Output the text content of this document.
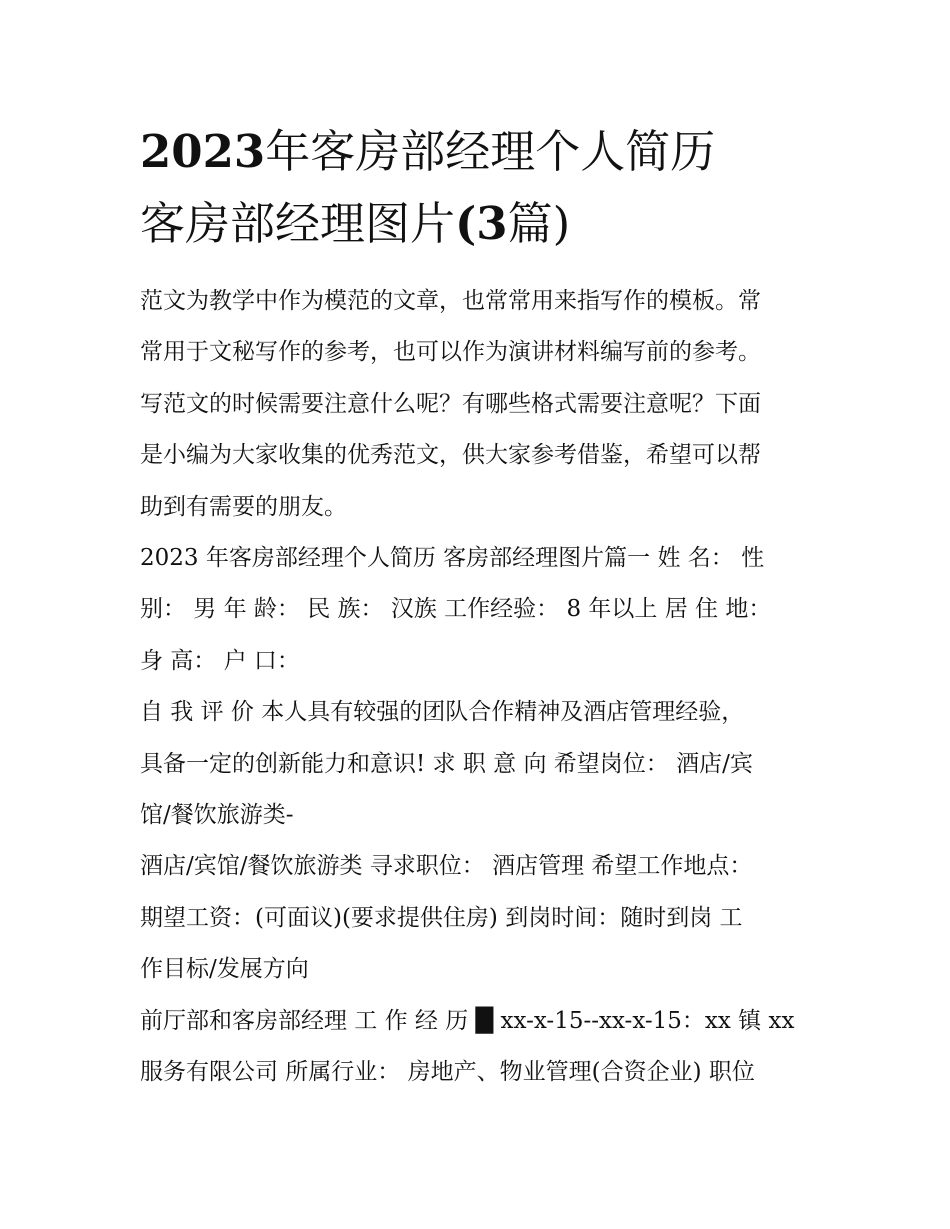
2023年客房部经理个人简历
客房部经理图片(3篇)

范文为教学中作为模范的文章，也常常用来指写作的模板。常
常用于文秘写作的参考，也可以作为演讲材料编写前的参考。
写范文的时候需要注意什么呢？有哪些格式需要注意呢？下面
是小编为大家收集的优秀范文，供大家参考借鉴，希望可以帮
助到有需要的朋友。

2023 年客房部经理个人简历 客房部经理图片篇一 姓 名： 性
别： 男 年 龄： 民 族： 汉族 工作经验： 8 年以上 居 住 地：
身 高： 户 口：

自 我 评 价 本人具有较强的团队合作精神及酒店管理经验，
具备一定的创新能力和意识! 求 职 意 向 希望岗位： 酒店/宾
馆/餐饮旅游类-

酒店/宾馆/餐饮旅游类 寻求职位： 酒店管理 希望工作地点：
期望工资：(可面议)(要求提供住房) 到岗时间：随时到岗 工
作目标/发展方向

前厅部和客房部经理 工 作 经 历 █ xx-x-15--xx-x-15：xx 镇 xx
服务有限公司 所属行业： 房地产、物业管理(合资企业) 职位
